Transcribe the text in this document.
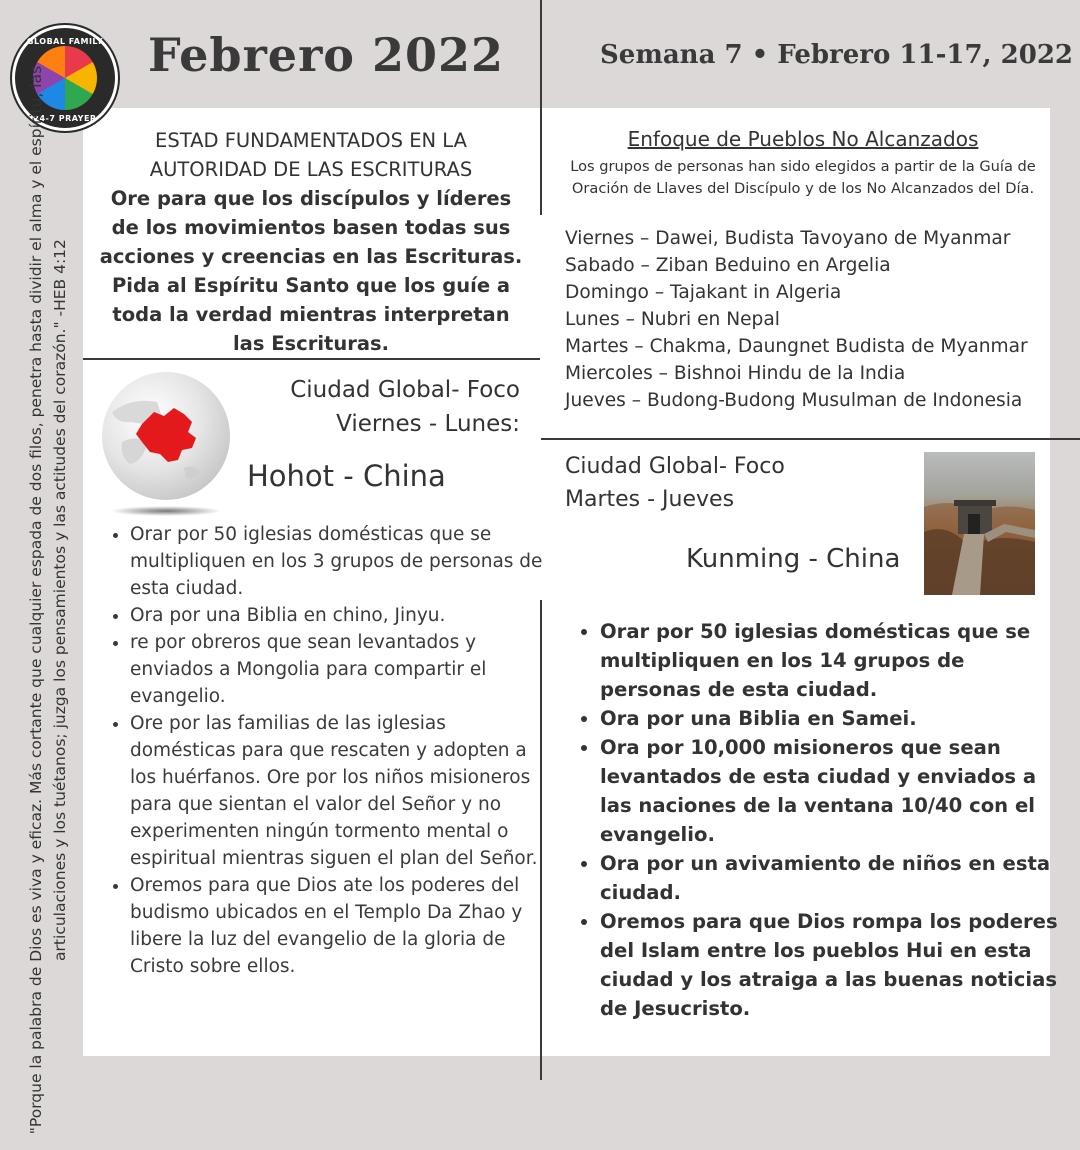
GLOBAL FAMILY
24-7 PRAYER
Febrero 2022	Semana 7 • Febrero 11-17, 2022
"Porque la palabra de Dios es viva y eficaz. Más cortante que cualquier espada de dos filos, penetra hasta dividir el alma y el espíritu, las articulaciones y los tuétanos; juzga los pensamientos y las actitudes del corazón." -HEB 4:12
ESTAD FUNDAMENTADOS EN LA
AUTORIDAD DE LAS ESCRITURAS
Ore para que los discípulos y líderes de los movimientos basen todas sus acciones y creencias en las Escrituras. Pida al Espíritu Santo que los guíe a toda la verdad mientras interpretan las Escrituras.
Enfoque de Pueblos No Alcanzados
Los grupos de personas han sido elegidos a partir de la Guía de Oración de Llaves del Discípulo y de los No Alcanzados del Día.
Viernes – Dawei, Budista Tavoyano de Myanmar
Sabado – Ziban Beduino en Argelia
Domingo – Tajakant in Algeria
Lunes – Nubri en Nepal
Martes – Chakma, Daungnet Budista de Myanmar
Miercoles – Bishnoi Hindu de la India
Jueves – Budong-Budong Musulman de Indonesia
Ciudad Global- Foco
Viernes - Lunes:
Hohot - China
• Orar por 50 iglesias domésticas que se multipliquen en los 3 grupos de personas de esta ciudad.
• Ora por una Biblia en chino, Jinyu.
• re por obreros que sean levantados y enviados a Mongolia para compartir el evangelio.
• Ore por las familias de las iglesias domésticas para que rescaten y adopten a los huérfanos. Ore por los niños misioneros para que sientan el valor del Señor y no experimenten ningún tormento mental o espiritual mientras siguen el plan del Señor.
• Oremos para que Dios ate los poderes del budismo ubicados en el Templo Da Zhao y libere la luz del evangelio de la gloria de Cristo sobre ellos.
Ciudad Global- Foco
Martes - Jueves
Kunming - China
• Orar por 50 iglesias domésticas que se multipliquen en los 14 grupos de personas de esta ciudad.
• Ora por una Biblia en Samei.
• Ora por 10,000 misioneros que sean levantados de esta ciudad y enviados a las naciones de la ventana 10/40 con el evangelio.
• Ora por un avivamiento de niños en esta ciudad.
• Oremos para que Dios rompa los poderes del Islam entre los pueblos Hui en esta ciudad y los atraiga a las buenas noticias de Jesucristo.
